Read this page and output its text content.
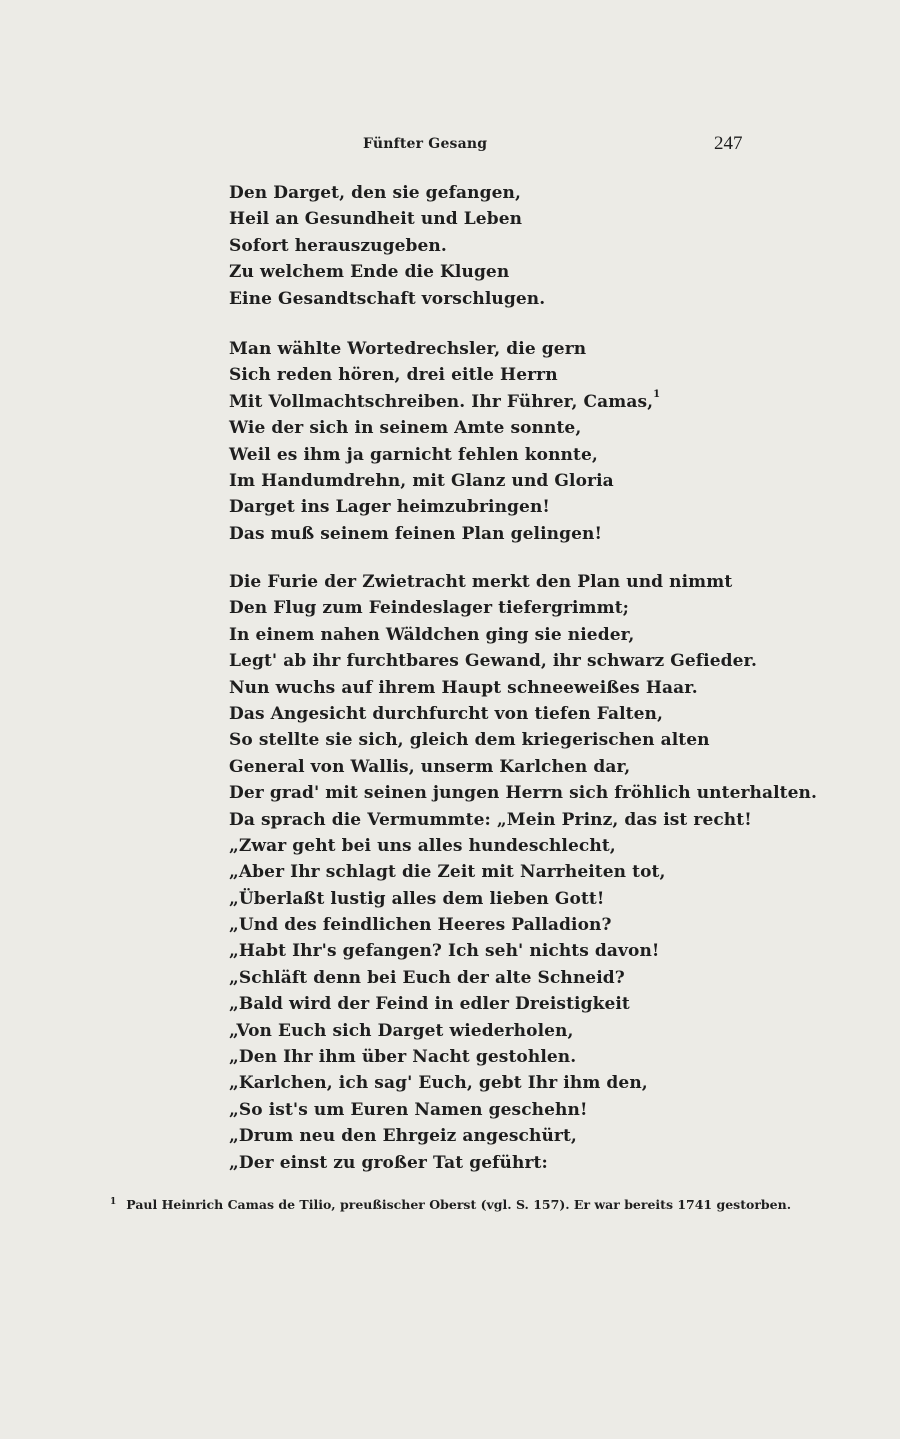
Fünfter Gesang	247
Den Darget, den sie gefangen,
Heil an Gesundheit und Leben
Sofort herauszugeben.
Zu welchem Ende die Klugen
Eine Gesandtschaft vorschlugen.
Man wählte Wortedrechsler, die gern
Sich reden hören, drei eitle Herrn
Mit Vollmachtschreiben. Ihr Führer, Camas,$^1$
Wie der sich in seinem Amte sonnte,
Weil es ihm ja garnicht fehlen konnte,
Im Handumdrehn, mit Glanz und Gloria
Darget ins Lager heimzubringen!
Das muß seinem feinen Plan gelingen!
Die Furie der Zwietracht merkt den Plan und nimmt
Den Flug zum Feindeslager tiefergrimmt;
In einem nahen Wäldchen ging sie nieder,
Legt' ab ihr furchtbares Gewand, ihr schwarz Gefieder.
Nun wuchs auf ihrem Haupt schneeweißes Haar.
Das Angesicht durchfurcht von tiefen Falten,
So stellte sie sich, gleich dem kriegerischen alten
General von Wallis, unserm Karlchen dar,
Der grad' mit seinen jungen Herrn sich fröhlich unterhalten.
Da sprach die Vermummte: „Mein Prinz, das ist recht!
„Zwar geht bei uns alles hundeschlecht,
„Aber Ihr schlagt die Zeit mit Narrheiten tot,
„Überlaßt lustig alles dem lieben Gott!
„Und des feindlichen Heeres Palladion?
„Habt Ihr's gefangen? Ich seh' nichts davon!
„Schläft denn bei Euch der alte Schneid?
„Bald wird der Feind in edler Dreistigkeit
„Von Euch sich Darget wiederholen,
„Den Ihr ihm über Nacht gestohlen.
„Karlchen, ich sag' Euch, gebt Ihr ihm den,
„So ist's um Euren Namen geschehn!
„Drum neu den Ehrgeiz angeschürt,
„Der einst zu großer Tat geführt:
$^1$ Paul Heinrich Camas de Tilio, preußischer Oberst (vgl. S. 157). Er war bereits 1741 gestorben.
